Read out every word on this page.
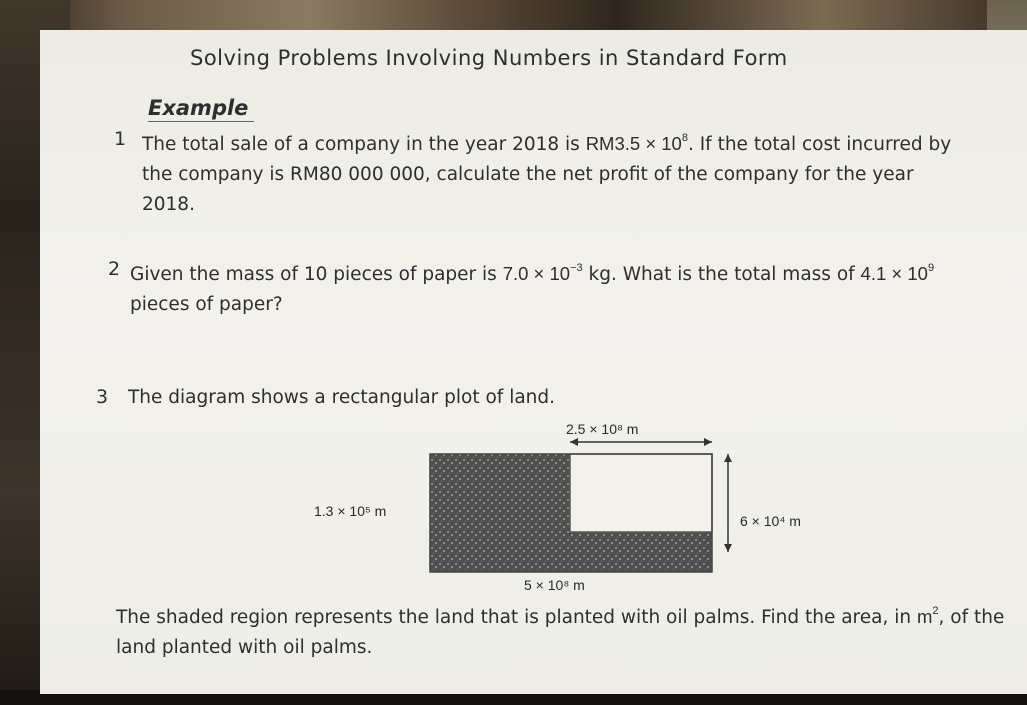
Solving Problems Involving Numbers in Standard Form
Example
1 The total sale of a company in the year 2018 is $RM3.5 \times 10^8$. If the total cost incurred by the company is RM80 000 000, calculate the net profit of the company for the year 2018.
2 Given the mass of 10 pieces of paper is $7.0 \times 10^{-3}$ kg. What is the total mass of $4.1 \times 10^9$ pieces of paper?
3 The diagram shows a rectangular plot of land.
2.5 × 10⁸ m
6 × 10⁴ m
1.3 × 10⁵ m
5 × 10⁸ m
The shaded region represents the land that is planted with oil palms. Find the area, in $m^2$, of the land planted with oil palms.
